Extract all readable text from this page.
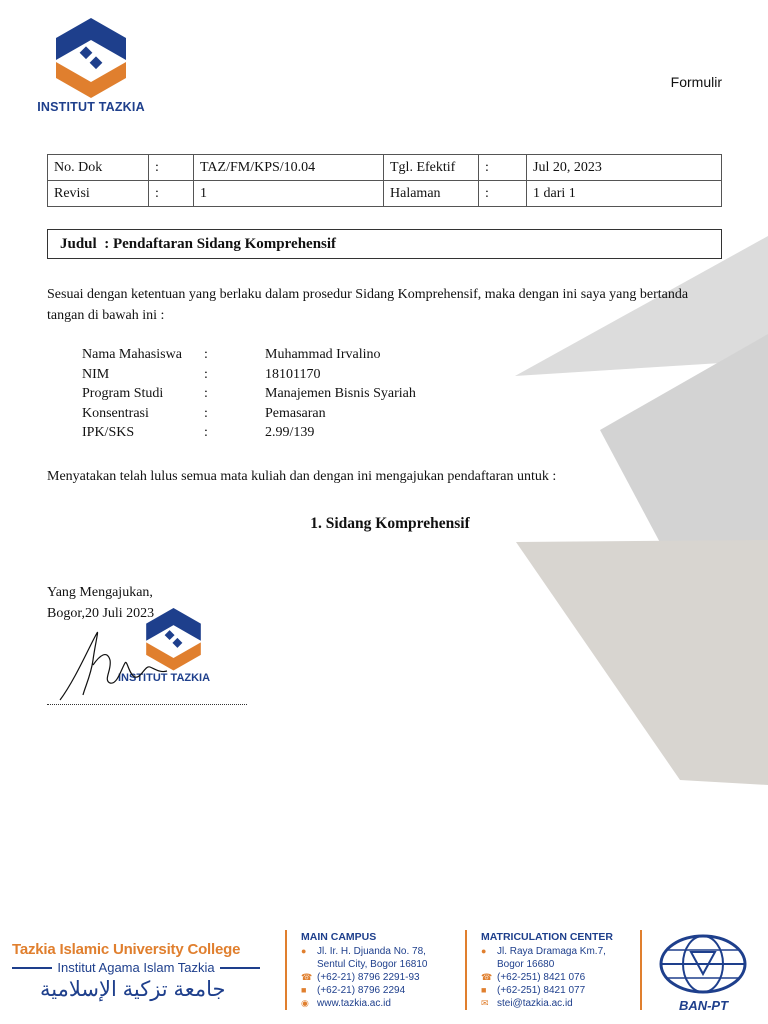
INSTITUT TAZKIA
Formulir
No. Dok	:	TAZ/FM/KPS/10.04	Tgl. Efektif	:	Jul 20, 2023
Revisi	:	1	Halaman	:	1 dari 1
Judul : Pendaftaran Sidang Komprehensif
Sesuai dengan ketentuan yang berlaku dalam prosedur Sidang Komprehensif, maka dengan ini saya yang bertanda tangan di bawah ini :
Nama Mahasiswa	:	Muhammad Irvalino
NIM	:	18101170
Program Studi	:	Manajemen Bisnis Syariah
Konsentrasi	:	Pemasaran
IPK/SKS	:	2.99/139
Menyatakan telah lulus semua mata kuliah dan dengan ini mengajukan pendaftaran untuk :
1. Sidang Komprehensif
Yang Mengajukan,
Bogor,20 Juli 2023
INSTITUT TAZKIA
Tazkia Islamic University College
Institut Agama Islam Tazkia
جامعة تزكية الإسلامية
MAIN CAMPUS
●	Jl. Ir. H. Djuanda No. 78,
Sentul City, Bogor 16810
☎ (+62-21) 8796 2291-93
■	(+62-21) 8796 2294
◉ www.tazkia.ac.id
MATRICULATION CENTER
●	Jl. Raya Dramaga Km.7,
Bogor 16680
☎ (+62-251) 8421 076
■	(+62-251) 8421 077
✉ stei@tazkia.ac.id	BAN-PT
